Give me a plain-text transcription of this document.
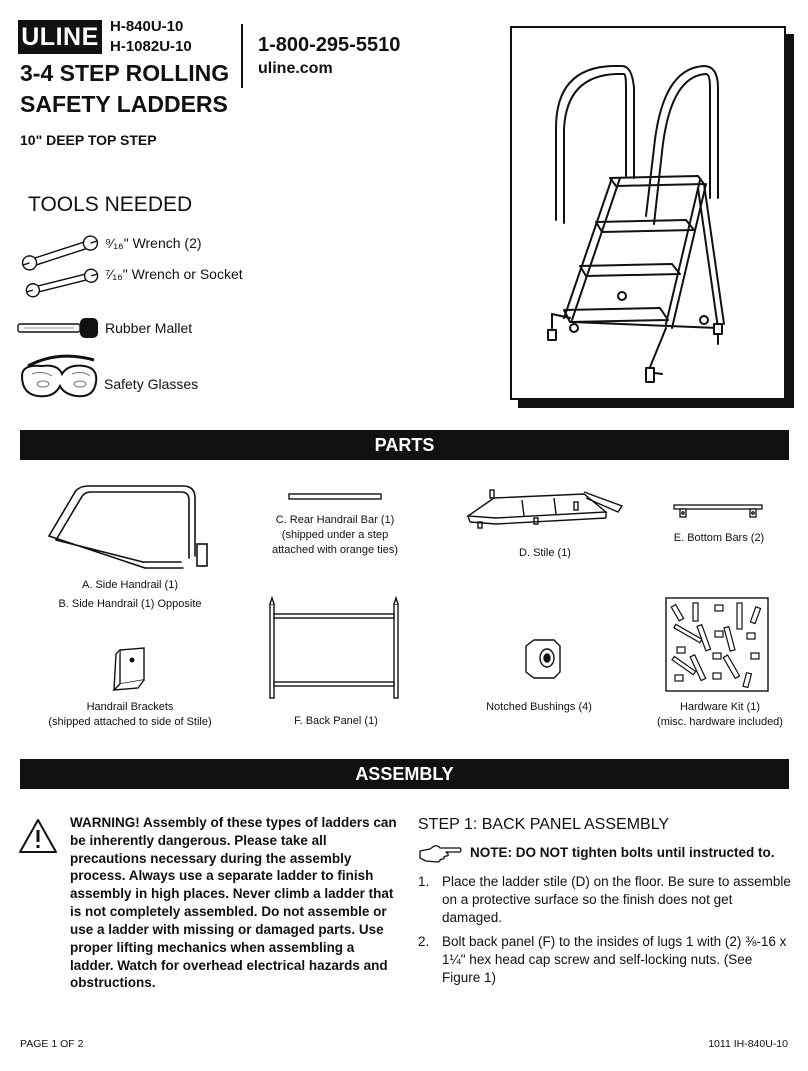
ULINE H-840U-10
H-1082U-10	1-800-295-5510
uline.com
3-4 STEP ROLLING
SAFETY LADDERS
10" DEEP TOP STEP
TOOLS NEEDED
⁹⁄₁₆" Wrench (2)
⁷⁄₁₆" Wrench or Socket
Rubber Mallet
Safety Glasses
PARTS
A. Side Handrail (1)
B. Side Handrail (1) Opposite
C. Rear Handrail Bar (1)
(shipped under a step
attached with orange ties)	D. Stile (1)
E. Bottom Bars (2)
Handrail Brackets
(shipped attached to side of Stile)	F. Back Panel (1)
Notched Bushings (4)	Hardware Kit (1)
(misc. hardware included)
ASSEMBLY
WARNING! Assembly of these types of ladders can be inherently dangerous. Please take all precautions necessary during the assembly process. Always use a separate ladder to finish assembly in high places. Never climb a ladder that is not completely assembled. Do not assemble or use a ladder with missing or damaged parts. Use proper lifting mechanics when assembling a ladder. Watch for overhead electrical hazards and obstructions.
STEP 1: BACK PANEL ASSEMBLY
NOTE: DO NOT tighten bolts until instructed to.
1. Place the ladder stile (D) on the floor. Be sure to assemble on a protective surface so the finish does not get damaged.
2. Bolt back panel (F) to the insides of lugs 1 with (2) ⅜-16 x 1¼" hex head cap screw and self-locking nuts. (See Figure 1)
PAGE 1 OF 2	1011 IH-840U-10
